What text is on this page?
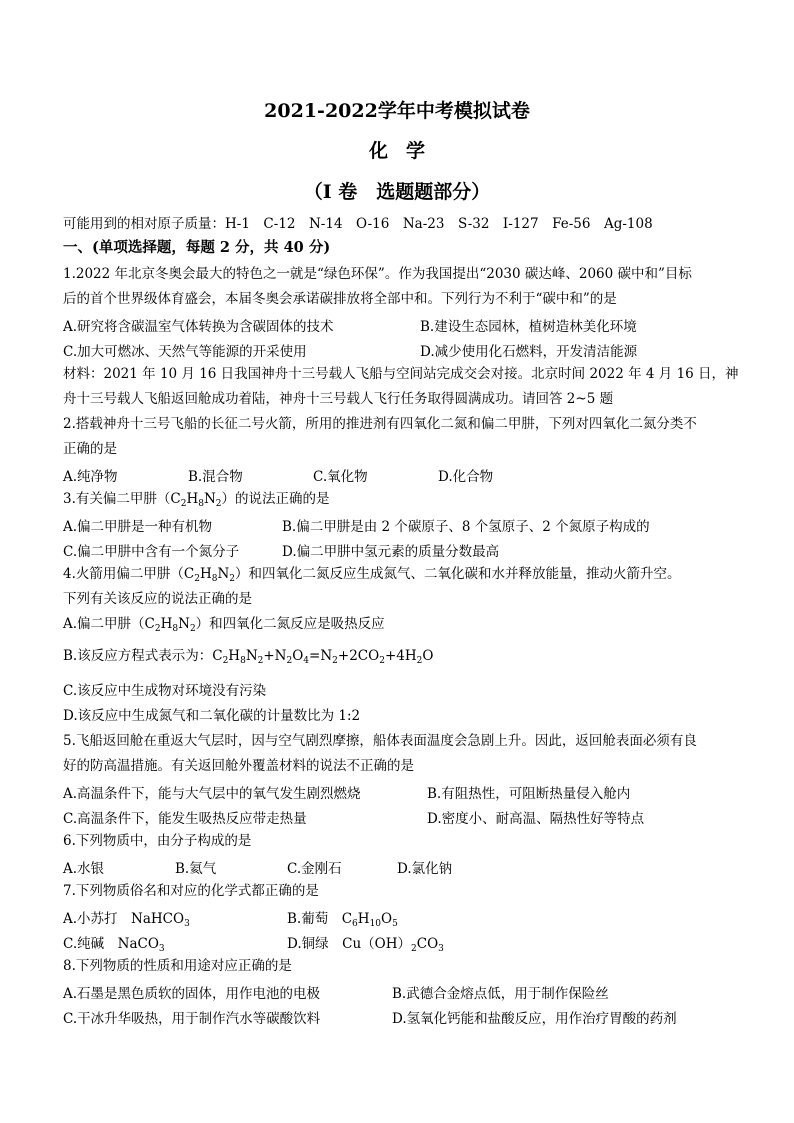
2021-2022学年中考模拟试卷
化学
（I 卷　选题题部分）
可能用到的相对原子质量：H-1　C-12　N-14　O-16　Na-23　S-32　I-127　Fe-56　Ag-108
一、(单项选择题，每题 2 分，共 40 分)
1.2022 年北京冬奥会最大的特色之一就是“绿色环保”。作为我国提出“2030 碳达峰、2060 碳中和”目标
后的首个世界级体育盛会，本届冬奥会承诺碳排放将全部中和。下列行为不利于“碳中和”的是
A.研究将含碳温室气体转换为含碳固体的技术	B.建设生态园林，植树造林美化环境
C.加大可燃冰、天然气等能源的开采使用	D.减少使用化石燃料，开发清洁能源
材料：2021 年 10 月 16 日我国神舟十三号载人飞船与空间站完成交会对接。北京时间 2022 年 4 月 16 日，神
舟十三号载人飞船返回舱成功着陆，神舟十三号载人飞行任务取得圆满成功。请回答 2~5 题
2.搭载神舟十三号飞船的长征二号火箭，所用的推进剂有四氧化二氮和偏二甲肼，下列对四氧化二氮分类不
正确的是
A.纯净物	B.混合物	C.氧化物	D.化合物
3.有关偏二甲肼$(C_2H_8N_2)$的说法正确的是
A.偏二甲肼是一种有机物	B.偏二甲肼是由 2 个碳原子、8 个氢原子、2 个氮原子构成的
C.偏二甲肼中含有一个氮分子	D.偏二甲肼中氢元素的质量分数最高
4.火箭用偏二甲肼$(C_2H_8N_2)$和四氧化二氮反应生成氮气、二氧化碳和水并释放能量，推动火箭升空。
下列有关该反应的说法正确的是
A.偏二甲肼$(C_2H_8N_2)$和四氧化二氮反应是吸热反应
B.该反应方程式表示为：$C_2H_8N_2+N_2O_4=N_2+2CO_2+4H_2O$
C.该反应中生成物对环境没有污染
D.该反应中生成氮气和二氧化碳的计量数比为 1:2
5.飞船返回舱在重返大气层时，因与空气剧烈摩擦，船体表面温度会急剧上升。因此，返回舱表面必须有良
好的防高温措施。有关返回舱外覆盖材料的说法不正确的是
A.高温条件下，能与大气层中的氧气发生剧烈燃烧	B.有阻热性，可阻断热量侵入舱内
C.高温条件下，能发生吸热反应带走热量	D.密度小、耐高温、隔热性好等特点
6.下列物质中，由分子构成的是
A.水银	B.氦气	C.金刚石	D.氯化钠
7.下列物质俗名和对应的化学式都正确的是
A.小苏打　NaHCO$_3$	B.葡萄　$C_6H_{10}O_5$
C.纯碱　NaCO$_3$	D.铜绿　$Cu(OH)_2CO_3$
8.下列物质的性质和用途对应正确的是
A.石墨是黑色质软的固体，用作电池的电极	B.武德合金熔点低，用于制作保险丝
C.干冰升华吸热，用于制作汽水等碳酸饮料	D.氢氧化钙能和盐酸反应，用作治疗胃酸的药剂
